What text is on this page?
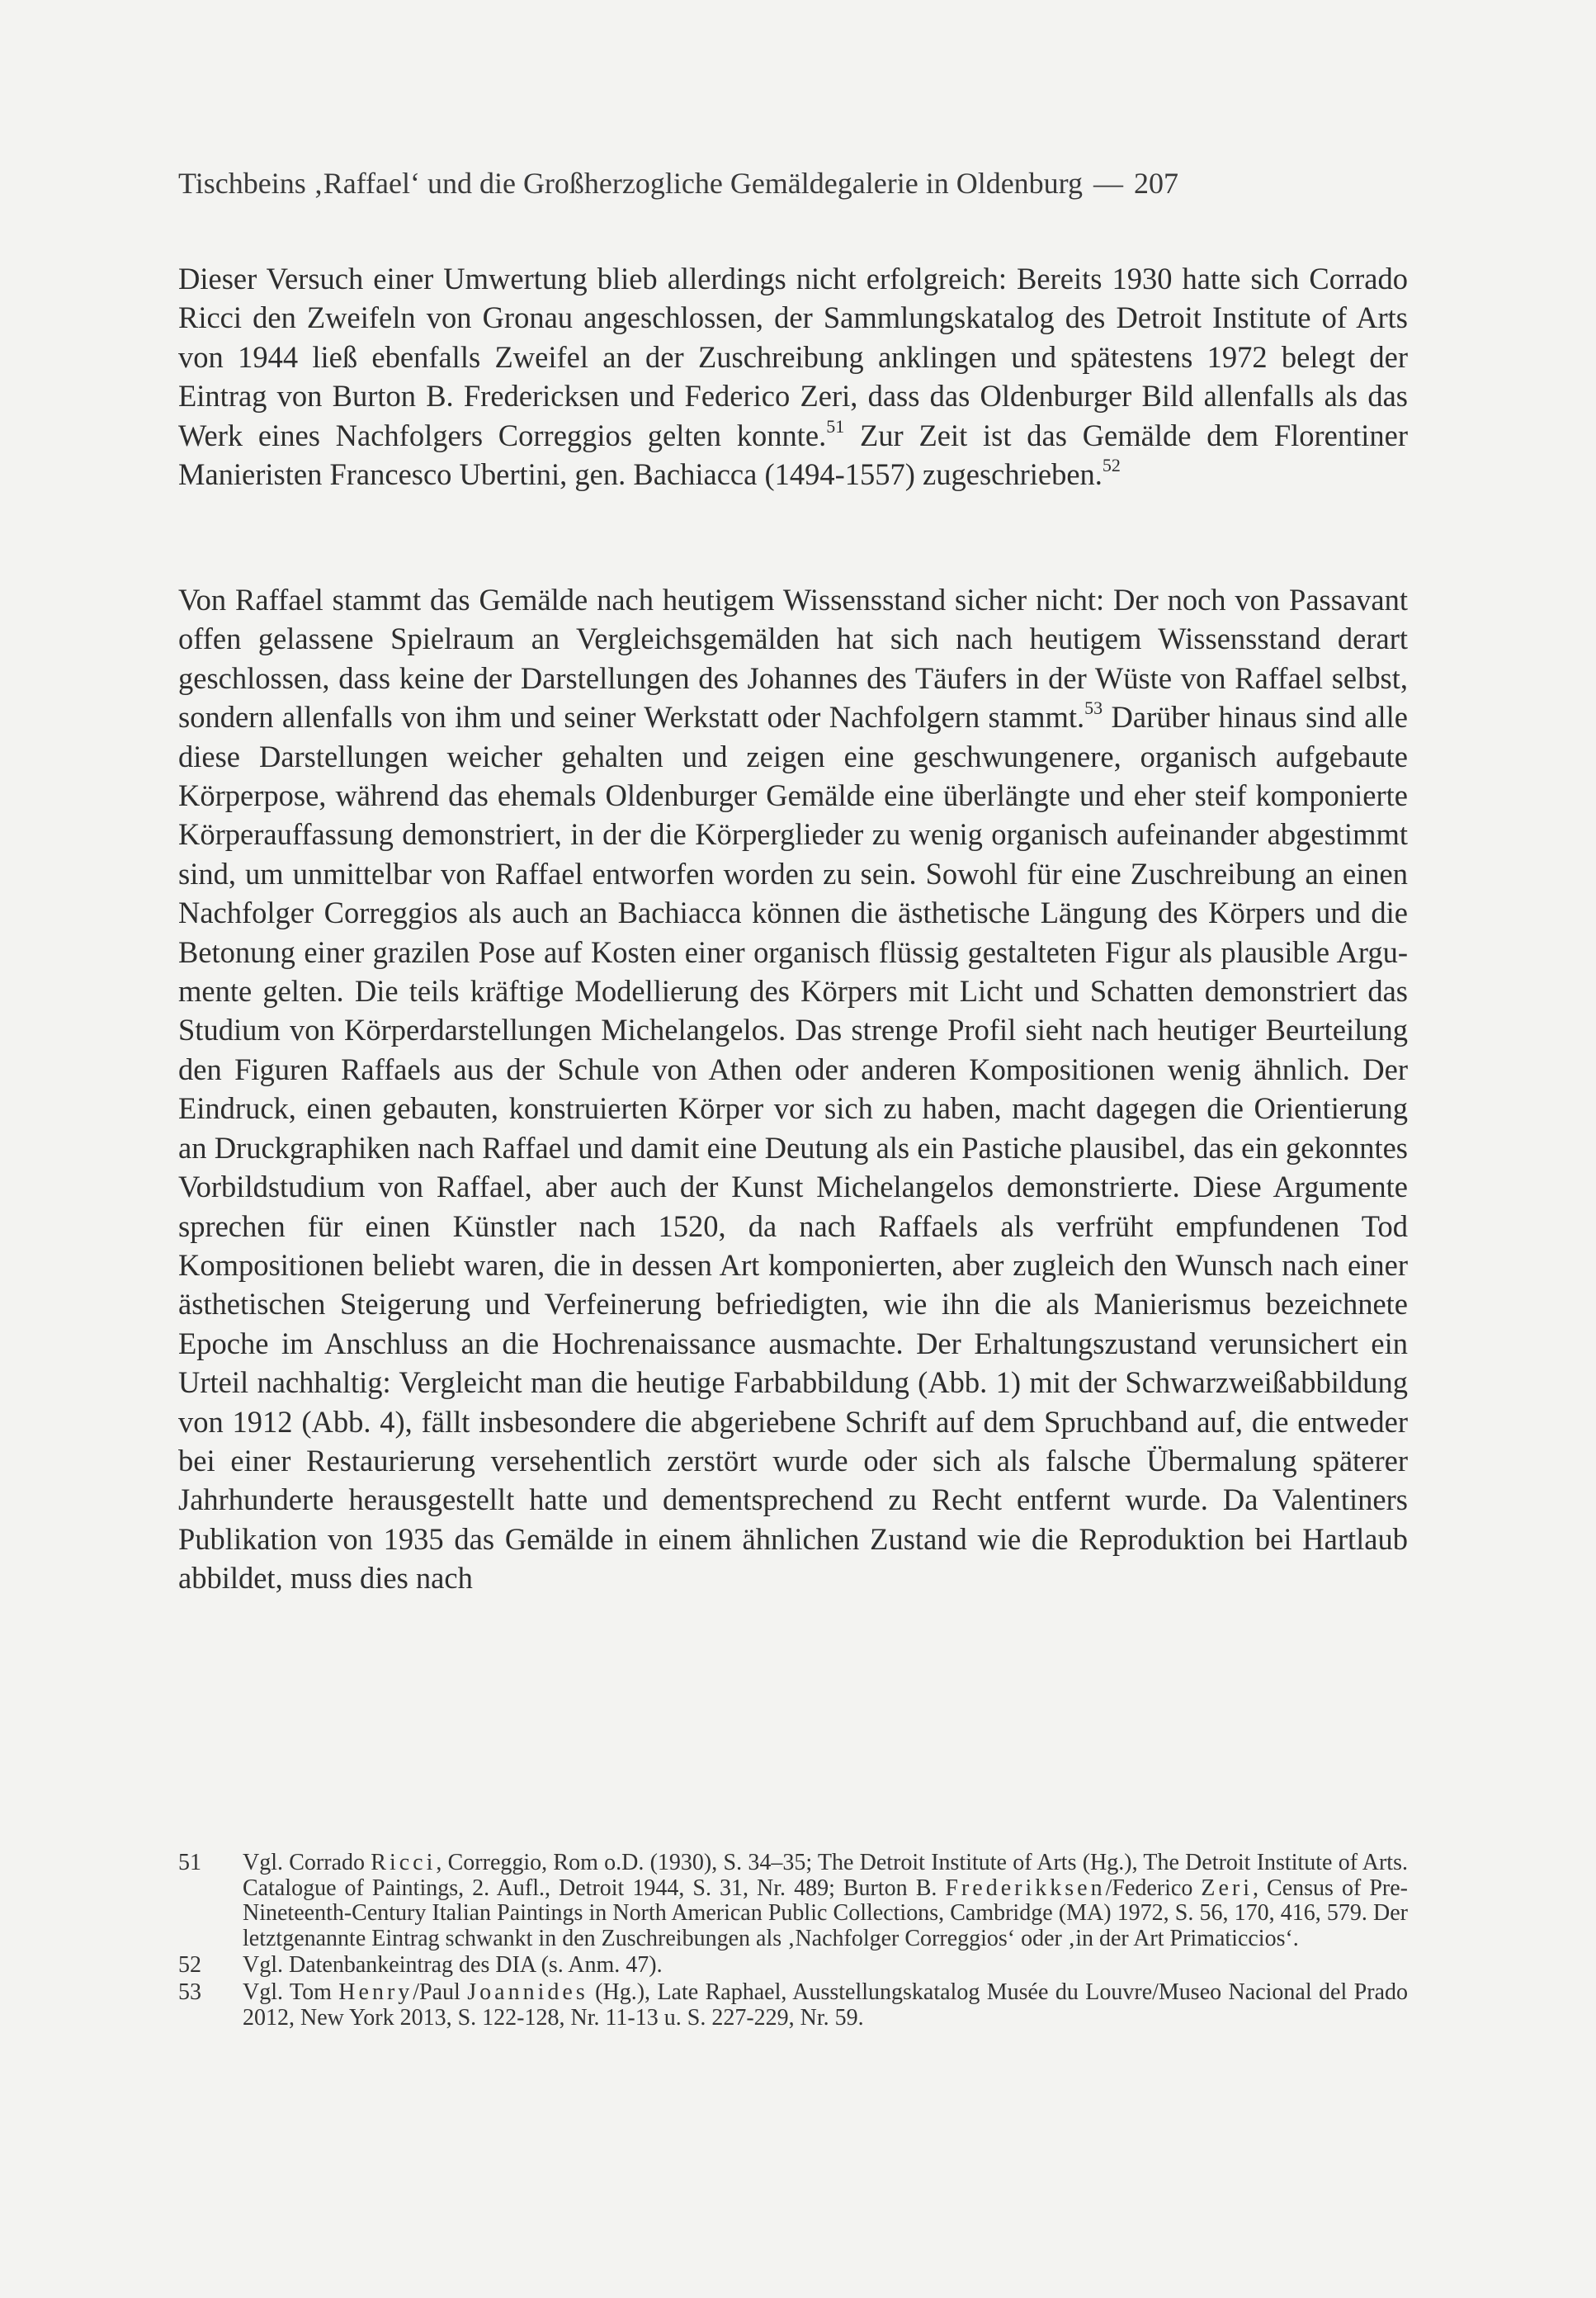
Tischbeins ‚Raffael‘ und die Großherzogliche Gemäldegalerie in Oldenburg — 207

Dieser Versuch einer Umwertung blieb allerdings nicht erfolgreich: Bereits 1930 hatte sich Corrado Ricci den Zweifeln von Gronau angeschlossen, der Sammlungskatalog des Detroit Institute of Arts von 1944 ließ ebenfalls Zweifel an der Zuschreibung anklingen und spätestens 1972 belegt der Eintrag von Burton B. Fredericksen und Federico Zeri, dass das Oldenburger Bild allenfalls als das Werk eines Nachfolgers Correggios gelten konnte.$^{51}$ Zur Zeit ist das Gemälde dem Florentiner Manieristen Francesco Ubertini, gen. Bachiacca (1494-1557) zugeschrieben.$^{52}$

Von Raffael stammt das Gemälde nach heutigem Wissensstand sicher nicht: Der noch von Passavant offen gelassene Spielraum an Vergleichsgemälden hat sich nach heutigem Wissensstand derart geschlossen, dass keine der Darstellungen des Johannes des Täufers in der Wüste von Raffael selbst, sondern allenfalls von ihm und seiner Werkstatt oder Nachfolgern stammt.$^{53}$ Darüber hinaus sind alle diese Darstellungen weicher gehalten und zeigen eine geschwungenere, organisch aufgebaute Körperpose, während das ehemals Oldenburger Gemälde eine überlängte und eher steif komponierte Körperauffassung demonstriert, in der die Körperglieder zu wenig organisch aufeinander abgestimmt sind, um unmittelbar von Raffael entworfen worden zu sein. Sowohl für eine Zuschreibung an einen Nachfolger Correggios als auch an Bachiacca können die ästhetische Längung des Körpers und die Betonung einer grazilen Pose auf Kosten einer organisch flüssig gestalteten Figur als plausible Argumente gelten. Die teils kräftige Modellierung des Körpers mit Licht und Schatten demonstriert das Studium von Körperdarstellungen Michelangelos. Das strenge Profil sieht nach heutiger Beurteilung den Figuren Raffaels aus der Schule von Athen oder anderen Kompositionen wenig ähnlich. Der Eindruck, einen gebauten, konstruierten Körper vor sich zu haben, macht dagegen die Orientierung an Druckgraphiken nach Raffael und damit eine Deutung als ein Pastiche plausibel, das ein gekonntes Vorbildstudium von Raffael, aber auch der Kunst Michelangelos demonstrierte. Diese Argumente sprechen für einen Künstler nach 1520, da nach Raffaels als verfrüht empfundenen Tod Kompositionen beliebt waren, die in dessen Art komponierten, aber zugleich den Wunsch nach einer ästhetischen Steigerung und Verfeinerung befriedigten, wie ihn die als Manierismus bezeichnete Epoche im Anschluss an die Hochrenaissance ausmachte. Der Erhaltungszustand verunsichert ein Urteil nachhaltig: Vergleicht man die heutige Farbabbildung (Abb. 1) mit der Schwarzweißabbildung von 1912 (Abb. 4), fällt insbesondere die abgeriebene Schrift auf dem Spruchband auf, die entweder bei einer Restaurierung versehentlich zerstört wurde oder sich als falsche Übermalung späterer Jahrhunderte herausgestellt hatte und dementsprechend zu Recht entfernt wurde. Da Valentiners Publikation von 1935 das Gemälde in einem ähnlichen Zustand wie die Reproduktion bei Hartlaub abbildet, muss dies nach

51	Vgl. Corrado Ricci, Correggio, Rom o.D. (1930), S. 34–35; The Detroit Institute of Arts (Hg.), The Detroit Institute of Arts. Catalogue of Paintings, 2. Aufl., Detroit 1944, S. 31, Nr. 489; Burton B. Frederikksen/Federico Zeri, Census of Pre-Nineteenth-Century Italian Paintings in North American Public Collections, Cambridge (MA) 1972, S. 56, 170, 416, 579. Der letztgenannte Eintrag schwankt in den Zuschreibungen als ‚Nachfolger Correggios‘ oder ‚in der Art Primaticcios‘.
52	Vgl. Datenbankeintrag des DIA (s. Anm. 47).
53	Vgl. Tom Henry/Paul Joannides (Hg.), Late Raphael, Ausstellungskatalog Musée du Louvre/Museo Nacional del Prado 2012, New York 2013, S. 122-128, Nr. 11-13 u. S. 227-229, Nr. 59.
